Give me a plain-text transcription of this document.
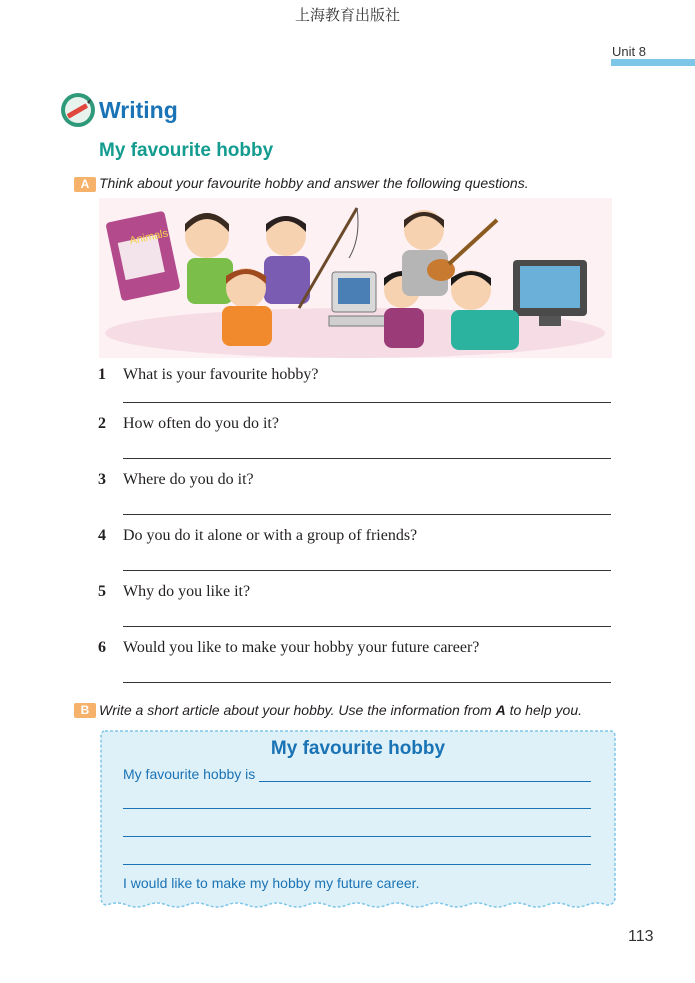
上海教育出版社
Unit 8
Writing
My favourite hobby
A Think about your favourite hobby and answer the following questions.
Animals
1 What is your favourite hobby?
2 How often do you do it?
3 Where do you do it?
4 Do you do it alone or with a group of friends?
5 Why do you like it?
6 Would you like to make your hobby your future career?
B Write a short article about your hobby. Use the information from A to help you.
My favourite hobby
My favourite hobby is
I would like to make my hobby my future career.
113
